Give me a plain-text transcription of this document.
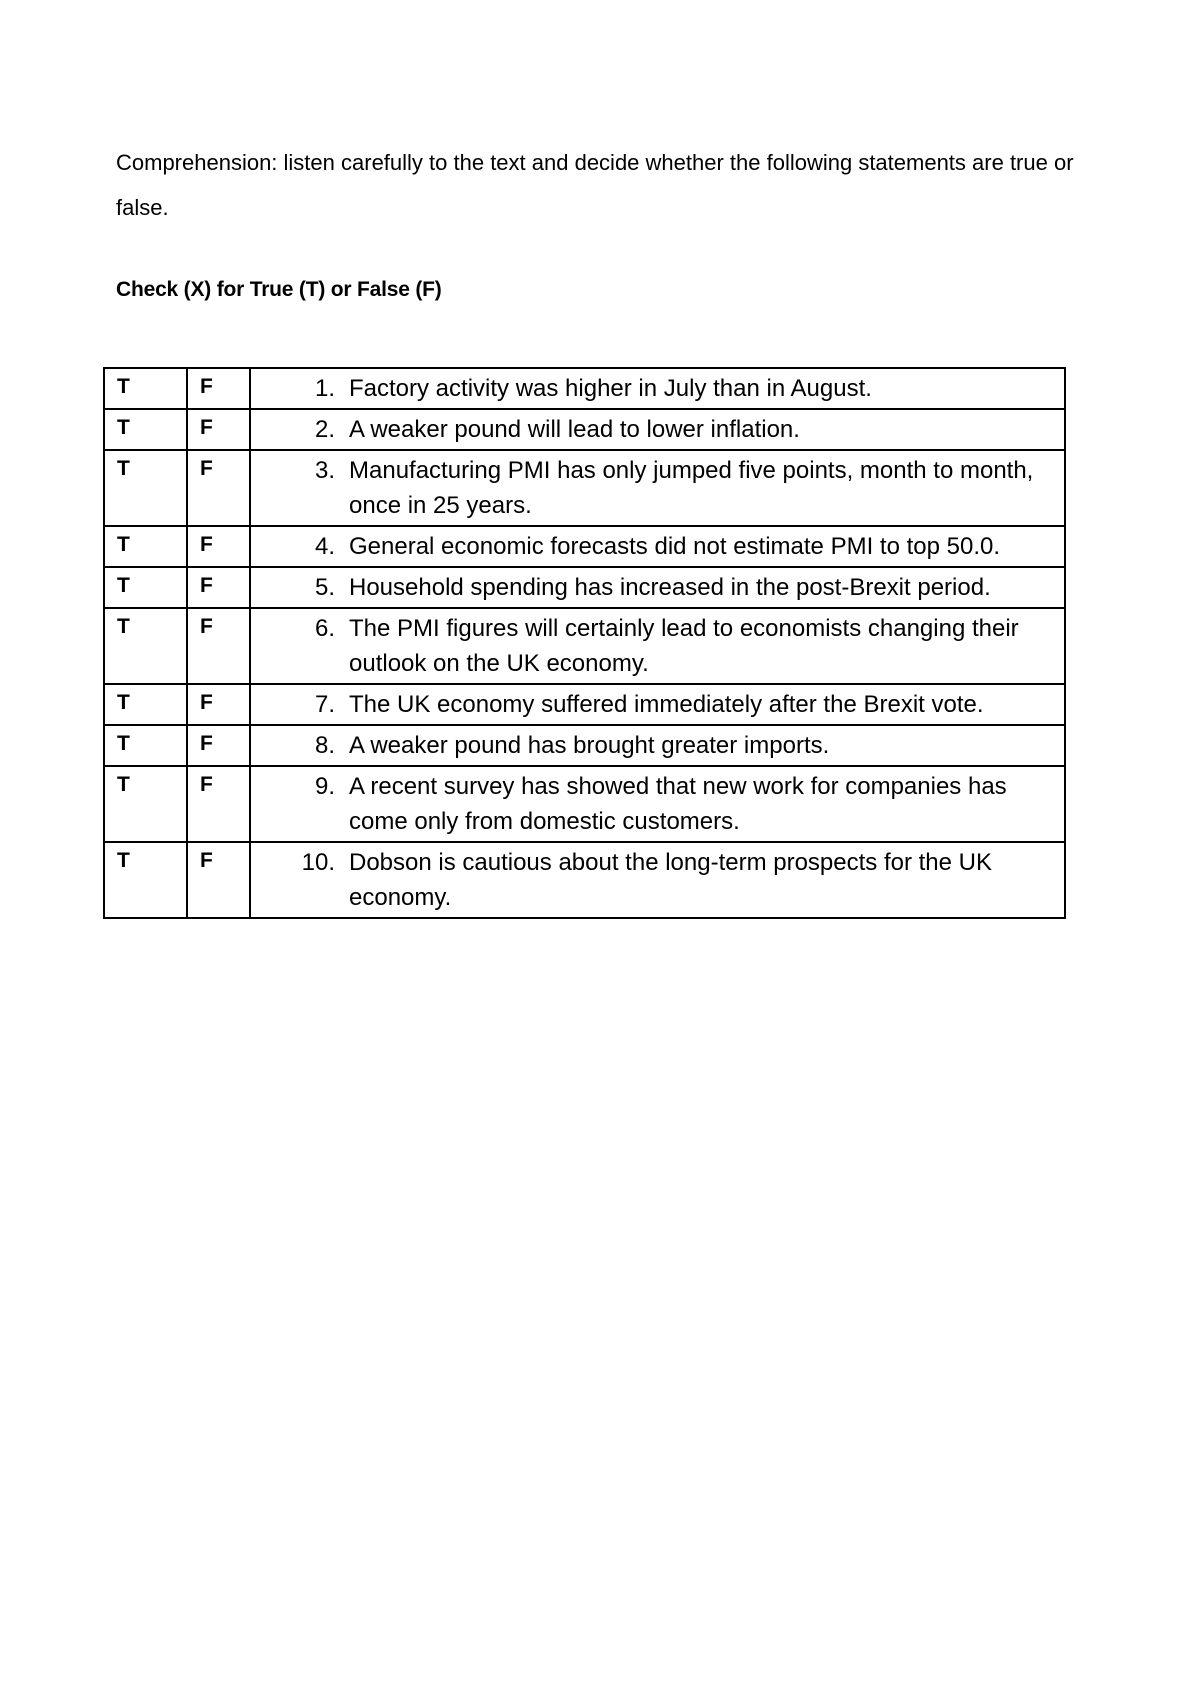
Comprehension: listen carefully to the text and decide whether the following statements are true or false.

Check (X) for True (T) or False (F)

T	F	1. Factory activity was higher in July than in August.

T	F	2. A weaker pound will lead to lower inflation.

T	F	3. Manufacturing PMI has only jumped five points, month to month, once in 25 years.

T	F	4. General economic forecasts did not estimate PMI to top 50.0.

T	F	5. Household spending has increased in the post-Brexit period.

T	F	6. The PMI figures will certainly lead to economists changing their outlook on the UK economy.

T	F	7. The UK economy suffered immediately after the Brexit vote.

T	F	8. A weaker pound has brought greater imports.

T	F	9. A recent survey has showed that new work for companies has come only from domestic customers.

T	F	10. Dobson is cautious about the long-term prospects for the UK economy.
